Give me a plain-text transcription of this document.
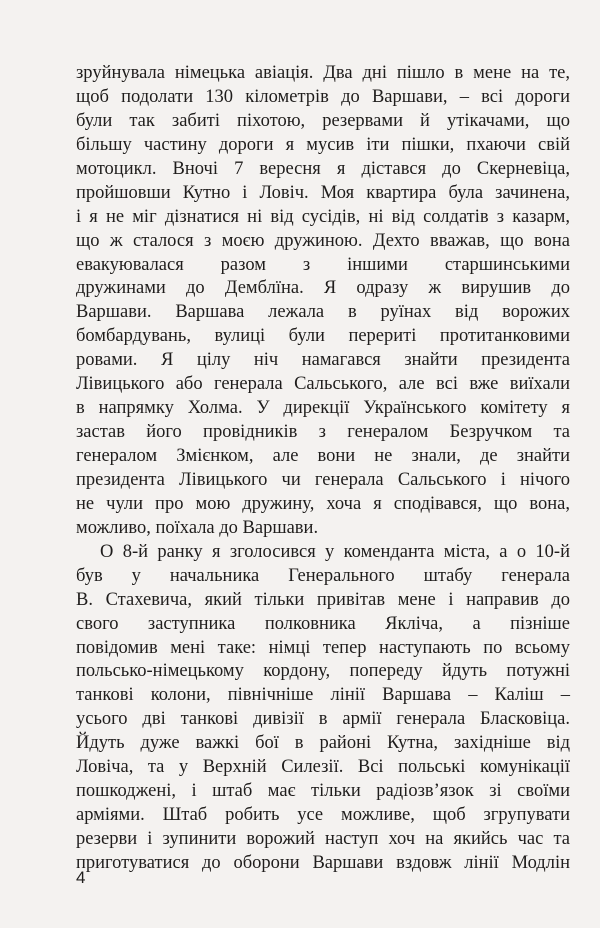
зруйнувала німецька авіація. Два дні пішло в мене на те,
щоб подолати 130 кілометрів до Варшави, – всі дороги
були так забиті піхотою, резервами й утікачами, що
більшу частину дороги я мусив іти пішки, пхаючи свій
мотоцикл. Вночі 7 вересня я дістався до Скерневіца,
пройшовши Кутно і Ловіч. Моя квартира була зачинена,
і я не міг дізнатися ні від сусідів, ні від солдатів з казарм,
що ж сталося з моєю дружиною. Дехто вважав, що вона
евакуювалася разом з іншими старшинськими
дружинами до Демблїна. Я одразу ж вирушив до
Варшави. Варшава лежала в руїнах від ворожих
бомбардувань, вулиці були перериті протитанковими
ровами. Я цілу ніч намагався знайти президента
Лівицького або генерала Сальського, але всі вже виїхали
в напрямку Холма. У дирекції Українського комітету я
застав його провідників з генералом Безручком та
генералом Змієнком, але вони не знали, де знайти
президента Лівицького чи генерала Сальського і нічого
не чули про мою дружину, хоча я сподівався, що вона,
можливо, поїхала до Варшави.
О 8-й ранку я зголосився у коменданта міста, а о 10-й
був у начальника Генерального штабу генерала
В. Стахевича, який тільки привітав мене і направив до
свого заступника полковника Якліча, а пізніше
повідомив мені таке: німці тепер наступають по всьому
польсько-німецькому кордону, попереду йдуть потужні
танкові колони, північніше лінії Варшава – Каліш –
усього дві танкові дивізії в армії генерала Бласковіца.
Йдуть дуже важкі бої в районі Кутна, західніше від
Ловіча, та у Верхній Силезії. Всі польські комунікації
пошкоджені, і штаб має тільки радіозв’язок зі своїми
арміями. Штаб робить усе можливе, щоб згрупувати
резерви і зупинити ворожий наступ хоч на якийсь час та
приготуватися до оборони Варшави вздовж лінії Модлін
4
